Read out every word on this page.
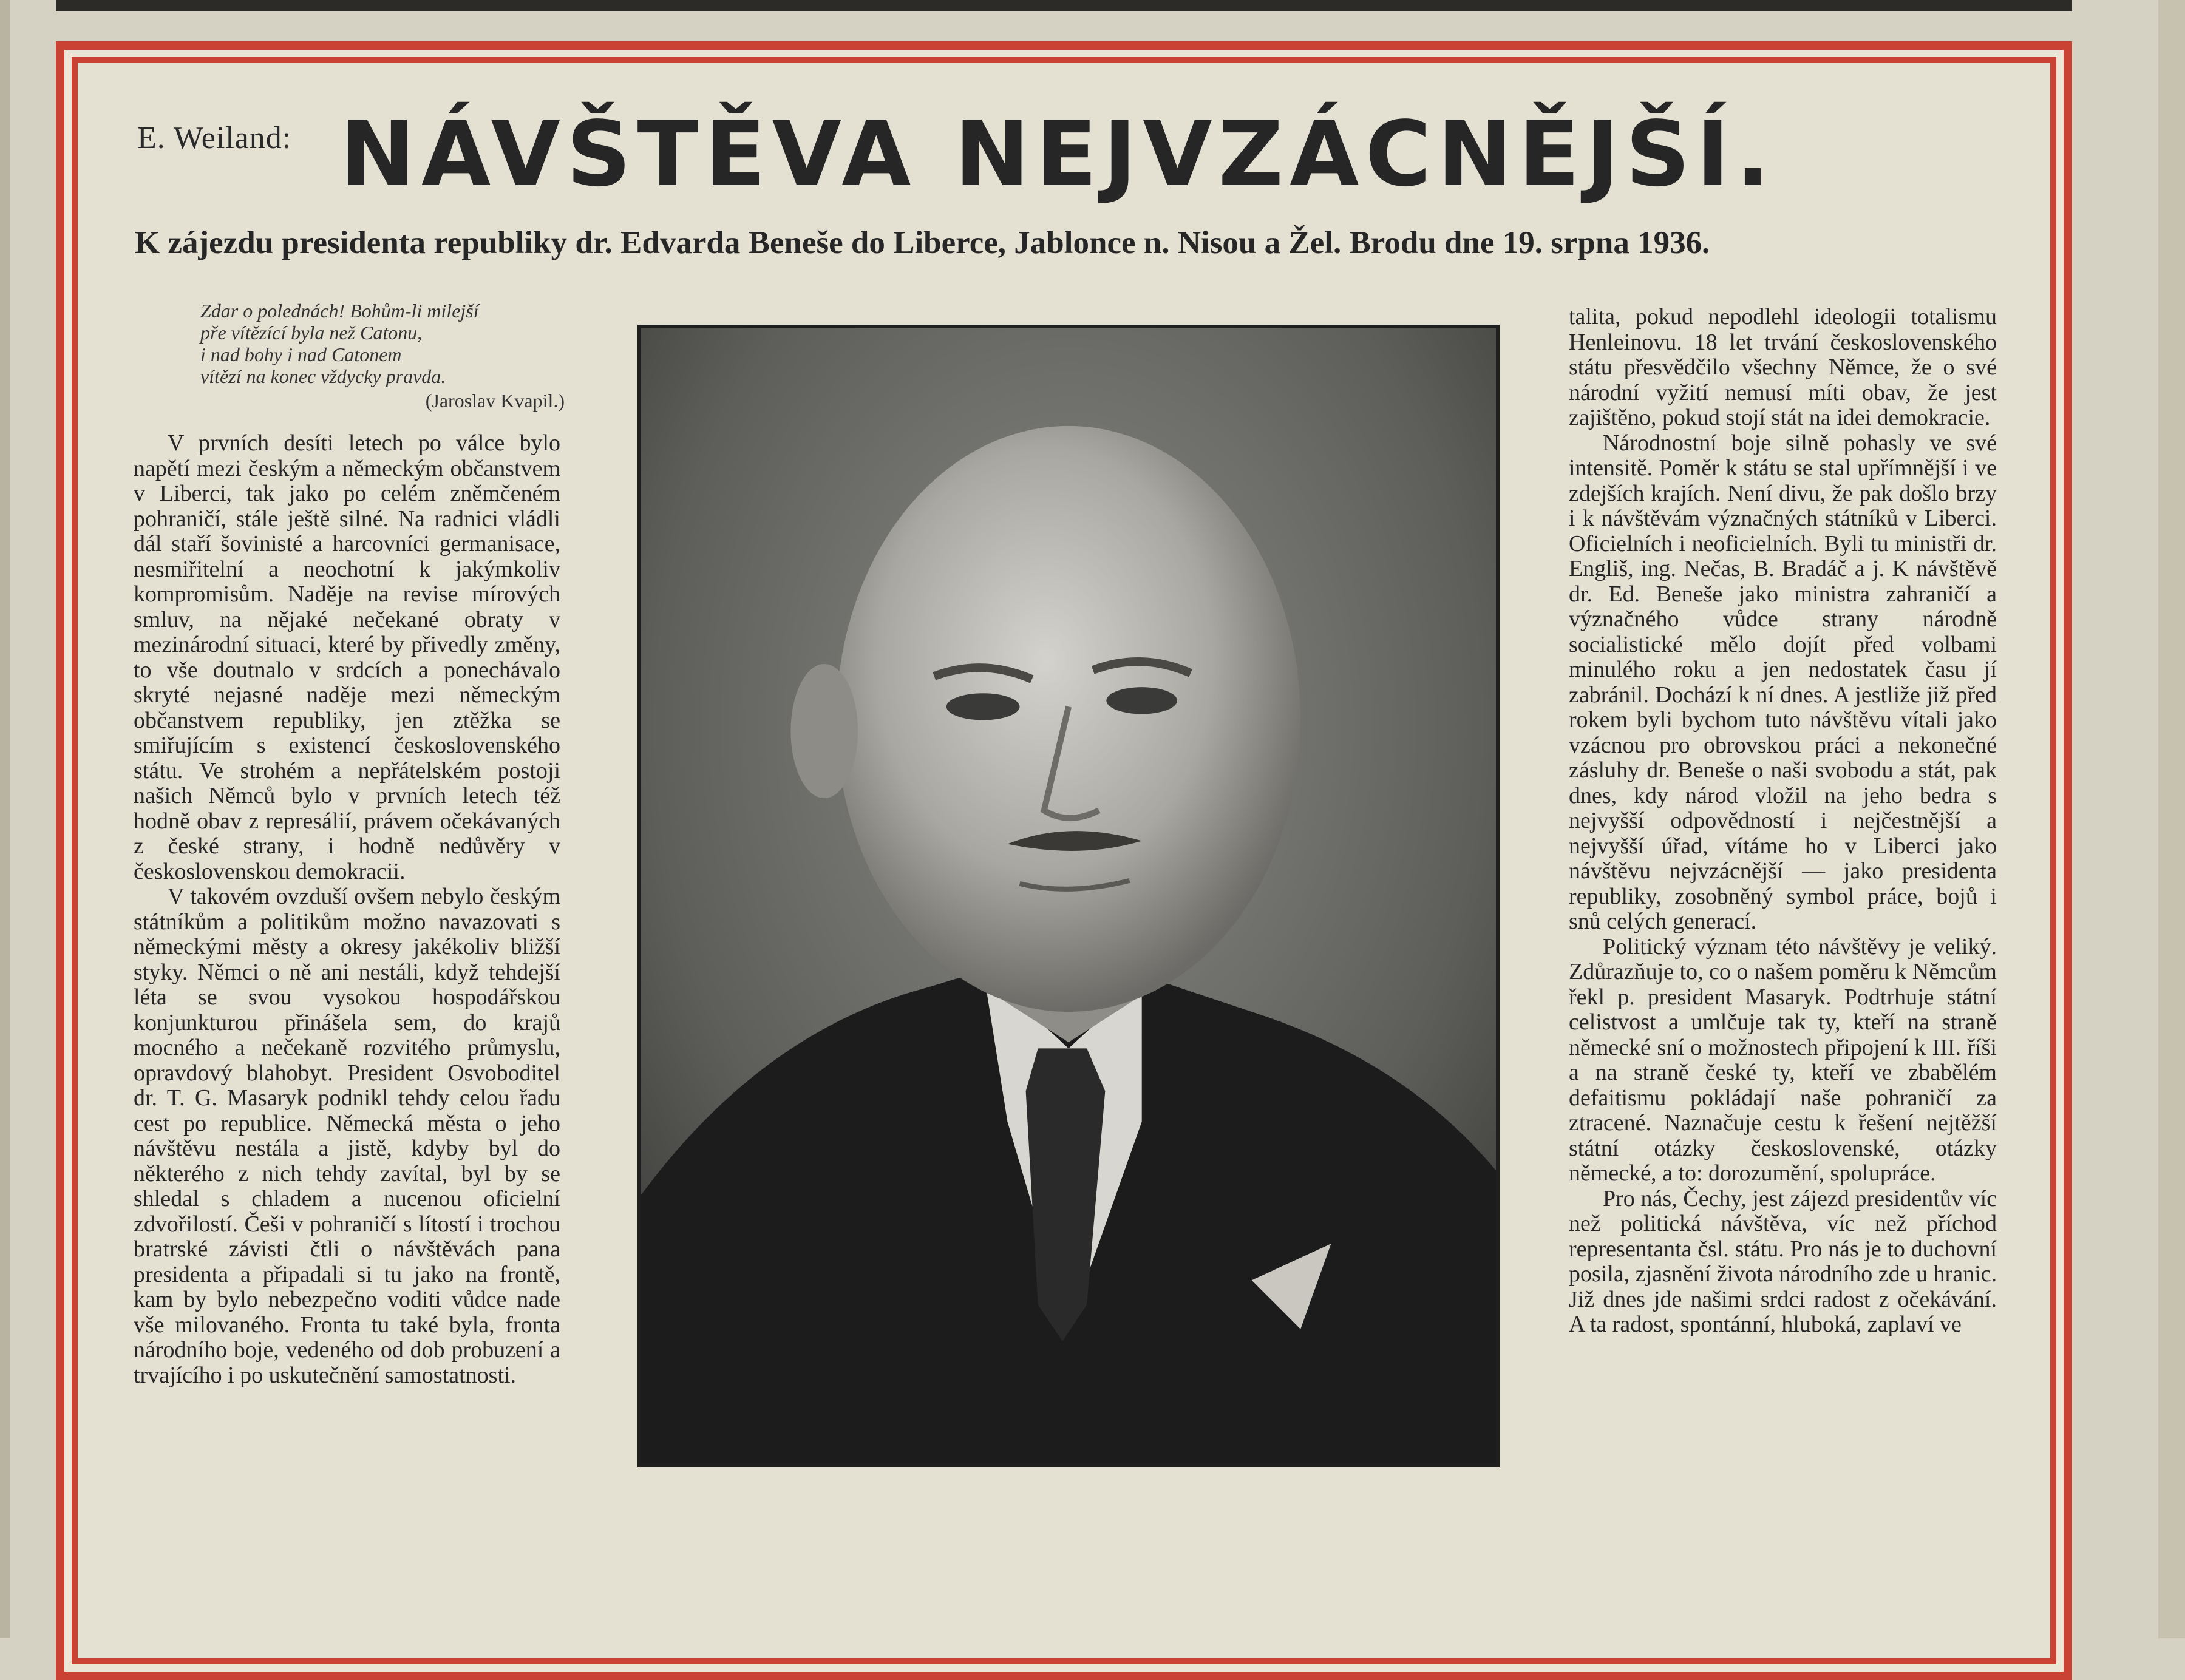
E. Weiland: NÁVŠTĚVA NEJVZÁCNĚJŠÍ.
K zájezdu presidenta republiky dr. Edvarda Beneše do Liberce, Jablonce n. Nisou a Žel. Brodu dne 19. srpna 1936.
Zdar o polednách! Bohům-li milejší
pře vítězící byla než Catonu,
i nad bohy i nad Catonem
vítězí na konec vždycky pravda.
(Jaroslav Kvapil.)

V prvních desíti letech po válce bylo napětí mezi českým a německým občanstvem v Liberci, tak jako po celém zněmčeném pohraničí, stále ještě silné. Na radnici vládli dál staří šovinisté a harcovníci germanisace, nesmiřitelní a neochotní k jakýmkoliv kompromisům. Naděje na revise mírových smluv, na nějaké nečekané obraty v mezinárodní situaci, které by přivedly změny, to vše doutnalo v srdcích a ponechávalo skryté nejasné naděje mezi německým občanstvem republiky, jen ztěžka se smiřujícím s existencí československého státu. Ve strohém a nepřátelském postoji našich Němců bylo v prvních letech též hodně obav z represálií, právem očekávaných z české strany, i hodně nedůvěry v československou demokracii.

V takovém ovzduší ovšem nebylo českým státníkům a politikům možno navazovati s německými městy a okresy jakékoliv bližší styky. Němci o ně ani nestáli, když tehdejší léta se svou vysokou hospodářskou konjunkturou přinášela sem, do krajů mocného a nečekaně rozvitého průmyslu, opravdový blahobyt. President Osvoboditel dr. T. G. Masaryk podnikl tehdy celou řadu cest po republice. Německá města o jeho návštěvu nestála a jistě, kdyby byl do některého z nich tehdy zavítal, byl by se shledal s chladem a nucenou oficielní zdvořilostí. Češi v pohraničí s lítostí i trochou bratrské závisti čtli o návštěvách pana presidenta a připadali si tu jako na frontě, kam by bylo nebezpečno voditi vůdce nade vše milovaného. Fronta tu také byla, fronta národního boje, vedeného od dob probuzení a trvajícího i po uskutečnění samostatnosti.

talita, pokud nepodlehl ideologii totalismu Henleinovu. 18 let trvání československého státu přesvědčilo všechny Němce, že o své národní vyžití nemusí míti obav, že jest zajištěno, pokud stojí stát na idei demokracie.

Národnostní boje silně pohasly ve své intensitě. Poměr k státu se stal upřímnější i ve zdejších krajích. Není divu, že pak došlo brzy i k návštěvám význačných státníků v Liberci. Oficielních i neoficielních. Byli tu ministři dr. Engliš, ing. Nečas, B. Bradáč a j. K návštěvě dr. Ed. Beneše jako ministra zahraničí a význačného vůdce strany národně socialistické mělo dojít před volbami minulého roku a jen nedostatek času jí zabránil. Dochází k ní dnes. A jestliže již před rokem byli bychom tuto návštěvu vítali jako vzácnou pro obrovskou práci a nekonečné zásluhy dr. Beneše o naši svobodu a stát, pak dnes, kdy národ vložil na jeho bedra s nejvyšší odpovědností i nejčestnější a nejvyšší úřad, vítáme ho v Liberci jako návštěvu nejvzácnější — jako presidenta republiky, zosobněný symbol práce, bojů i snů celých generací.

Politický význam této návštěvy je veliký. Zdůrazňuje to, co o našem poměru k Němcům řekl p. president Masaryk. Podtrhuje státní celistvost a umlčuje tak ty, kteří na straně německé sní o možnostech připojení k III. říši a na straně české ty, kteří ve zbabělém defaitismu pokládají naše pohraničí za ztracené. Naznačuje cestu k řešení nejtěžší státní otázky československé, otázky německé, a to: dorozumění, spolupráce.

Pro nás, Čechy, jest zájezd presidentův víc než politická návštěva, víc než příchod representanta čsl. státu. Pro nás je to duchovní posila, zjasnění života národního zde u hranic. Již dnes jde našimi srdci radost z očekávání. A ta radost, spontánní, hluboká, zaplaví ve
